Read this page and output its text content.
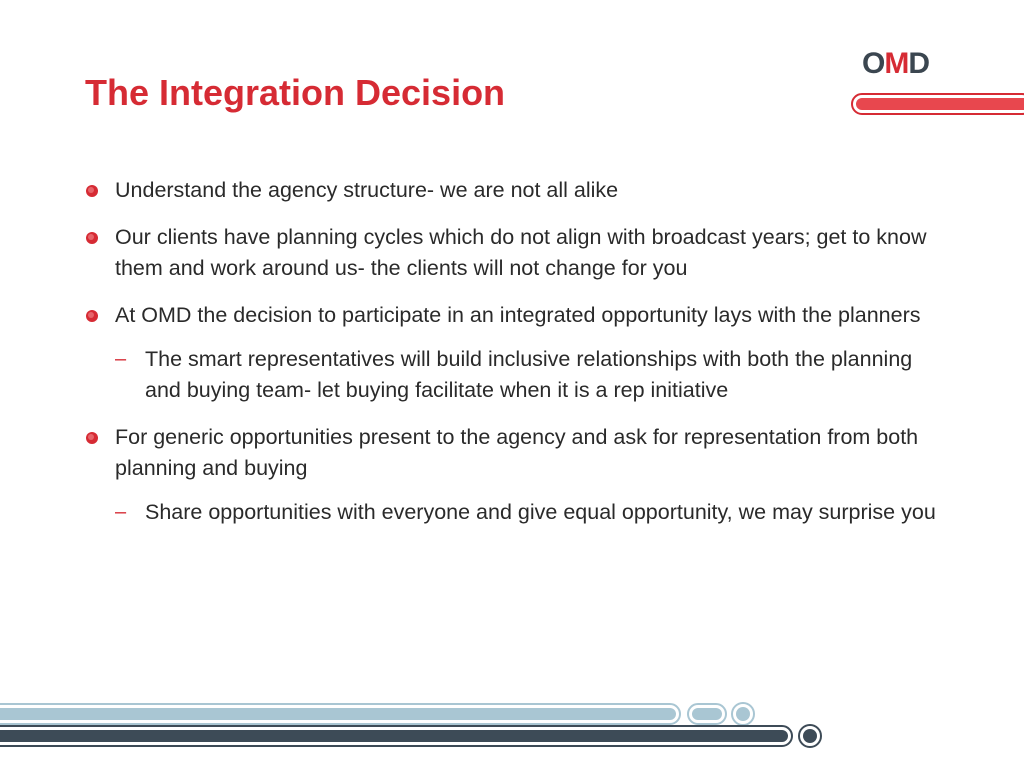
The Integration Decision
OMD
Understand the agency structure- we are not all alike
Our clients have planning cycles which do not align with broadcast years; get to know them and work around us- the clients will not change for you
At OMD the decision to participate in an integrated opportunity lays with the planners
– The smart representatives will build inclusive relationships with both the planning and buying team- let buying facilitate when it is a rep initiative
For generic opportunities present to the agency and ask for representation from both planning and buying
– Share opportunities with everyone and give equal opportunity, we may surprise you
